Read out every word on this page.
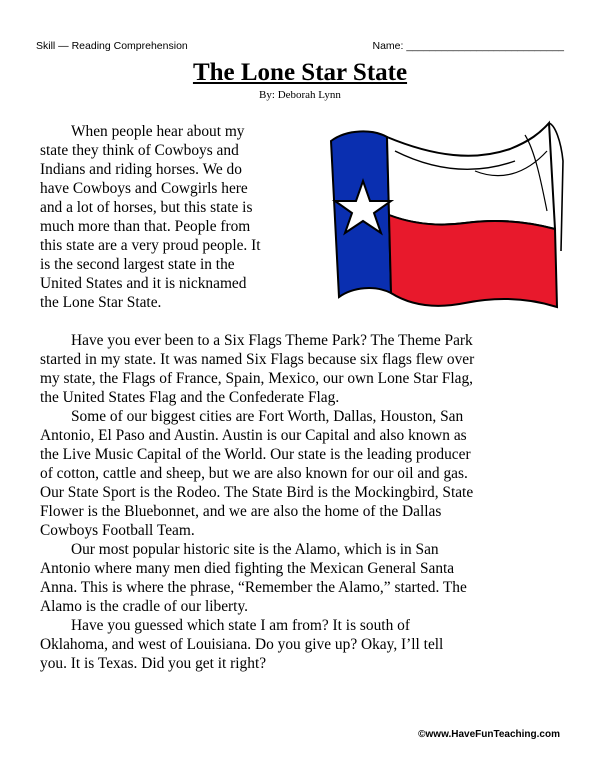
Skill — Reading Comprehension	Name: ___________________________
The Lone Star State
By: Deborah Lynn
When people hear about my
state they think of Cowboys and
Indians and riding horses. We do
have Cowboys and Cowgirls here
and a lot of horses, but this state is
much more than that. People from
this state are a very proud people. It
is the second largest state in the
United States and it is nicknamed
the Lone Star State.
Have you ever been to a Six Flags Theme Park? The Theme Park
started in my state. It was named Six Flags because six flags flew over
my state, the Flags of France, Spain, Mexico, our own Lone Star Flag,
the United States Flag and the Confederate Flag.
Some of our biggest cities are Fort Worth, Dallas, Houston, San
Antonio, El Paso and Austin. Austin is our Capital and also known as
the Live Music Capital of the World. Our state is the leading producer
of cotton, cattle and sheep, but we are also known for our oil and gas.
Our State Sport is the Rodeo. The State Bird is the Mockingbird, State
Flower is the Bluebonnet, and we are also the home of the Dallas
Cowboys Football Team.
Our most popular historic site is the Alamo, which is in San
Antonio where many men died fighting the Mexican General Santa
Anna. This is where the phrase, “Remember the Alamo,” started. The
Alamo is the cradle of our liberty.
Have you guessed which state I am from? It is south of
Oklahoma, and west of Louisiana. Do you give up? Okay, I’ll tell
you. It is Texas. Did you get it right?
©www.HaveFunTeaching.com
